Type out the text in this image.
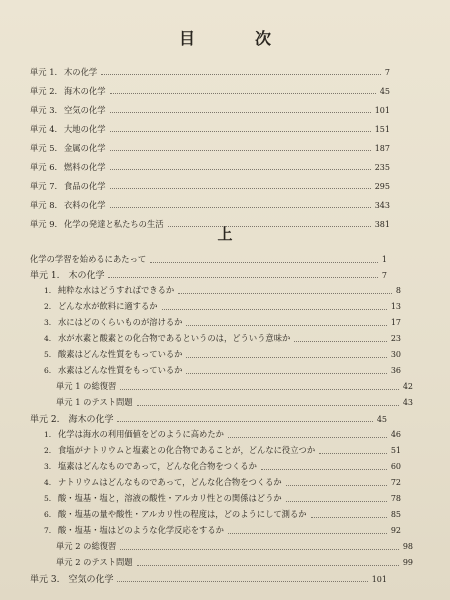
目　次
単元 1. 木の化学	7
単元 2. 海木の化学	45
単元 3. 空気の化学	101
単元 4. 大地の化学	151
単元 5. 金属の化学	187
単元 6. 燃料の化学	235
単元 7. 食品の化学	295
単元 8. 衣料の化学	343
単元 9. 化学の発達と私たちの生活	381
上
化学の学習を始めるにあたって	1
単元 1.　木の化学	7
1. 純粋な水はどうすればできるか	8
2. どんな水が飲料に適するか	13
3. 水にはどのくらいものが溶けるか	17
4. 水が水素と酸素との化合物であるというのは，どういう意味か	23
5. 酸素はどんな性質をもっているか	30
6. 水素はどんな性質をもっているか	36
単元 1 の総復習	42
単元 1 のテスト問題	43
単元 2.　海木の化学	45
1. 化学は海水の利用価値をどのように高めたか	46
2. 食塩がナトリウムと塩素との化合物であることが，どんなに役立つか	51
3. 塩素はどんなものであって，どんな化合物をつくるか	60
4. ナトリウムはどんなものであって，どんな化合物をつくるか	72
5. 酸・塩基・塩と，溶液の酸性・アルカリ性との関係はどうか	78
6. 酸・塩基の量や酸性・アルカリ性の程度は，どのようにして測るか	85
7. 酸・塩基・塩はどのような化学反応をするか	92
単元 2 の総復習	98
単元 2 のテスト問題	99
単元 3.　空気の化学	101
